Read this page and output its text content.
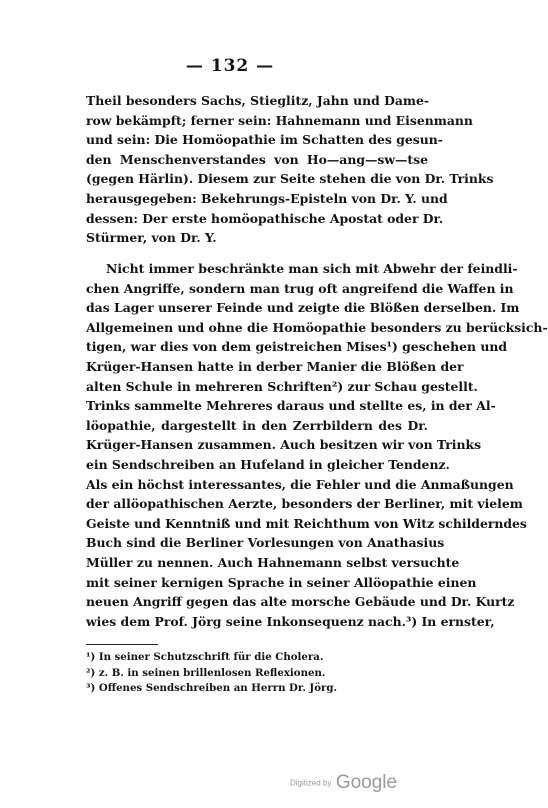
— 132 —
Theil besonders Sachs, Stieglitz, Jahn und Dame-
row bekämpft; ferner sein: Hahnemann und Eisenmann
und sein: Die Homöopathie im Schatten des gesun-
den Menschenverstandes von Ho—ang—sw—tse
(gegen Härlin). Diesem zur Seite stehen die von Dr. Trinks
herausgegeben: Bekehrungs-Episteln von Dr. Y. und
dessen: Der erste homöopathische Apostat oder Dr.
Stürmer, von Dr. Y.
Nicht immer beschränkte man sich mit Abwehr der feindli-
chen Angriffe, sondern man trug oft angreifend die Waffen in
das Lager unserer Feinde und zeigte die Blößen derselben. Im
Allgemeinen und ohne die Homöopathie besonders zu berücksich-
tigen, war dies von dem geistreichen Mises¹) geschehen und
Krüger-Hansen hatte in derber Manier die Blößen der
alten Schule in mehreren Schriften²) zur Schau gestellt.
Trinks sammelte Mehreres daraus und stellte es, in der Al-
löopathie, dargestellt in den Zerrbildern des Dr.
Krüger-Hansen zusammen. Auch besitzen wir von Trinks
ein Sendschreiben an Hufeland in gleicher Tendenz.
Als ein höchst interessantes, die Fehler und die Anmaßungen
der allöopathischen Aerzte, besonders der Berliner, mit vielem
Geiste und Kenntniß und mit Reichthum von Witz schilderndes
Buch sind die Berliner Vorlesungen von Anathasius
Müller zu nennen. Auch Hahnemann selbst versuchte
mit seiner kernigen Sprache in seiner Allöopathie einen
neuen Angriff gegen das alte morsche Gebäude und Dr. Kurtz
wies dem Prof. Jörg seine Inkonsequenz nach.³) In ernster,
¹) In seiner Schutzschrift für die Cholera.
²) z. B. in seinen brillenlosen Reflexionen.
³) Offenes Sendschreiben an Herrn Dr. Jörg.
Digitized by Google
